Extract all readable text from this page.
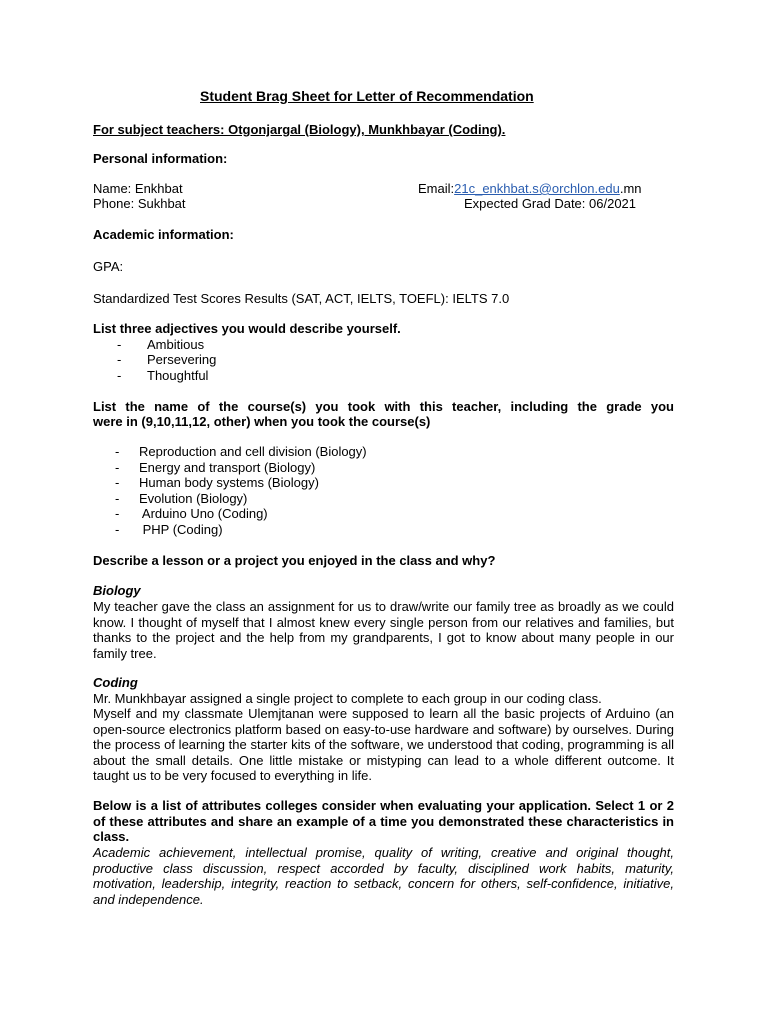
Student Brag Sheet for Letter of Recommendation
For subject teachers: Otgonjargal (Biology), Munkhbayar (Coding).
Personal information:
Name: Enkhbat	Email:21c_enkhbat.s@orchlon.edu.mn
Phone: Sukhbat	Expected Grad Date: 06/2021
Academic information:
GPA:
Standardized Test Scores Results (SAT, ACT, IELTS, TOEFL): IELTS 7.0
List three adjectives you would describe yourself.
- Ambitious
- Persevering
- Thoughtful
List the name of the course(s) you took with this teacher, including the grade you
were in (9,10,11,12, other) when you took the course(s)
- Reproduction and cell division (Biology)
- Energy and transport (Biology)
- Human body systems (Biology)
- Evolution (Biology)
- Arduino Uno (Coding)
- PHP (Coding)
Describe a lesson or a project you enjoyed in the class and why?
Biology
My teacher gave the class an assignment for us to draw/write our family tree as broadly as we could know. I thought of myself that I almost knew every single person from our relatives and families, but thanks to the project and the help from my grandparents, I got to know about many people in our family tree.
Coding
Mr. Munkhbayar assigned a single project to complete to each group in our coding class.
Myself and my classmate Ulemjtanan were supposed to learn all the basic projects of Arduino (an open-source electronics platform based on easy-to-use hardware and software) by ourselves. During the process of learning the starter kits of the software, we understood that coding, programming is all about the small details. One little mistake or mistyping can lead to a whole different outcome. It taught us to be very focused to everything in life.
Below is a list of attributes colleges consider when evaluating your application. Select 1 or 2 of these attributes and share an example of a time you demonstrated these characteristics in class.
Academic achievement, intellectual promise, quality of writing, creative and original thought, productive class discussion, respect accorded by faculty, disciplined work habits, maturity, motivation, leadership, integrity, reaction to setback, concern for others, self-confidence, initiative, and independence.
